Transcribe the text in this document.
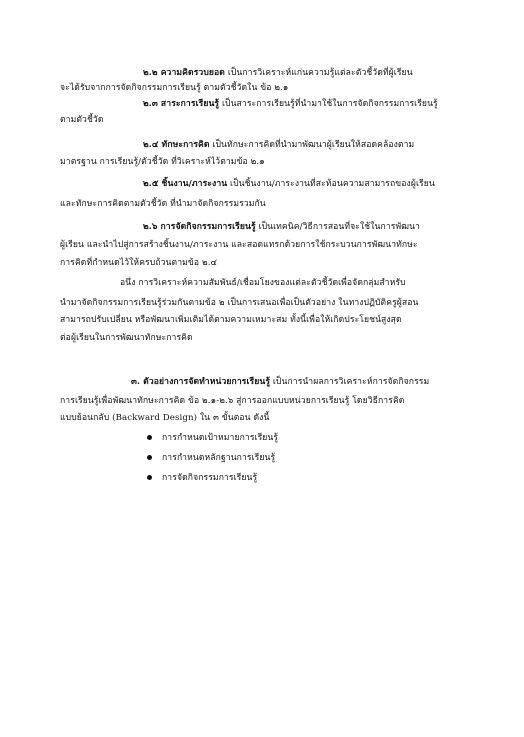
๒.๒ ความคิดรวบยอด เป็นการวิเคราะห์แก่นความรู้แต่ละตัวชี้วัดที่ผู้เรียน
จะได้รับจากการจัดกิจกรรมการเรียนรู้ ตามตัวชี้วัดใน ข้อ ๒.๑
๒.๓ สาระการเรียนรู้ เป็นสาระการเรียนรู้ที่นำมาใช้ในการจัดกิจกรรมการเรียนรู้
ตามตัวชี้วัด
๒.๔ ทักษะการคิด เป็นทักษะการคิดที่นำมาพัฒนาผู้เรียนให้สอดคล้องตาม
มาตรฐาน การเรียนรู้/ตัวชี้วัด ที่วิเคราะห์ไว้ตามข้อ ๒.๑
๒.๕ ชิ้นงาน/ภาระงาน เป็นชิ้นงาน/ภาระงานที่สะท้อนความสามารถของผู้เรียน
และทักษะการคิดตามตัวชี้วัด ที่นำมาจัดกิจกรรมรวมกัน
๒.๖ การจัดกิจกรรมการเรียนรู้ เป็นเทคนิค/วิธีการสอนที่จะใช้ในการพัฒนา
ผู้เรียน และนำไปสู่การสร้างชิ้นงาน/ภาระงาน และสอดแทรกด้วยการใช้กระบวนการพัฒนาทักษะ
การคิดที่กำหนดไว้ให้ครบถ้วนตามข้อ ๒.๔
อนึ่ง การวิเคราะห์ความสัมพันธ์/เชื่อมโยงของแต่ละตัวชี้วัดเพื่อจัดกลุ่มสำหรับ
นำมาจัดกิจกรรมการเรียนรู้ร่วมกันตามข้อ ๒ เป็นการเสนอเพื่อเป็นตัวอย่าง ในทางปฏิบัติครูผู้สอน
สามารถปรับเปลี่ยน หรือพัฒนาเพิ่มเติมได้ตามความเหมาะสม ทั้งนี้เพื่อให้เกิดประโยชน์สูงสุด
ต่อผู้เรียนในการพัฒนาทักษะการคิด
๓. ตัวอย่างการจัดทำหน่วยการเรียนรู้ เป็นการนำผลการวิเคราะห์การจัดกิจกรรม
การเรียนรู้เพื่อพัฒนาทักษะการคิด ข้อ ๒.๑-๒.๖ สู่การออกแบบหน่วยการเรียนรู้ โดยวิธีการคิด
แบบย้อนกลับ (Backward Design) ใน ๓ ขั้นตอน ดังนี้
การกำหนดเป้าหมายการเรียนรู้
การกำหนดหลักฐานการเรียนรู้
การจัดกิจกรรมการเรียนรู้
